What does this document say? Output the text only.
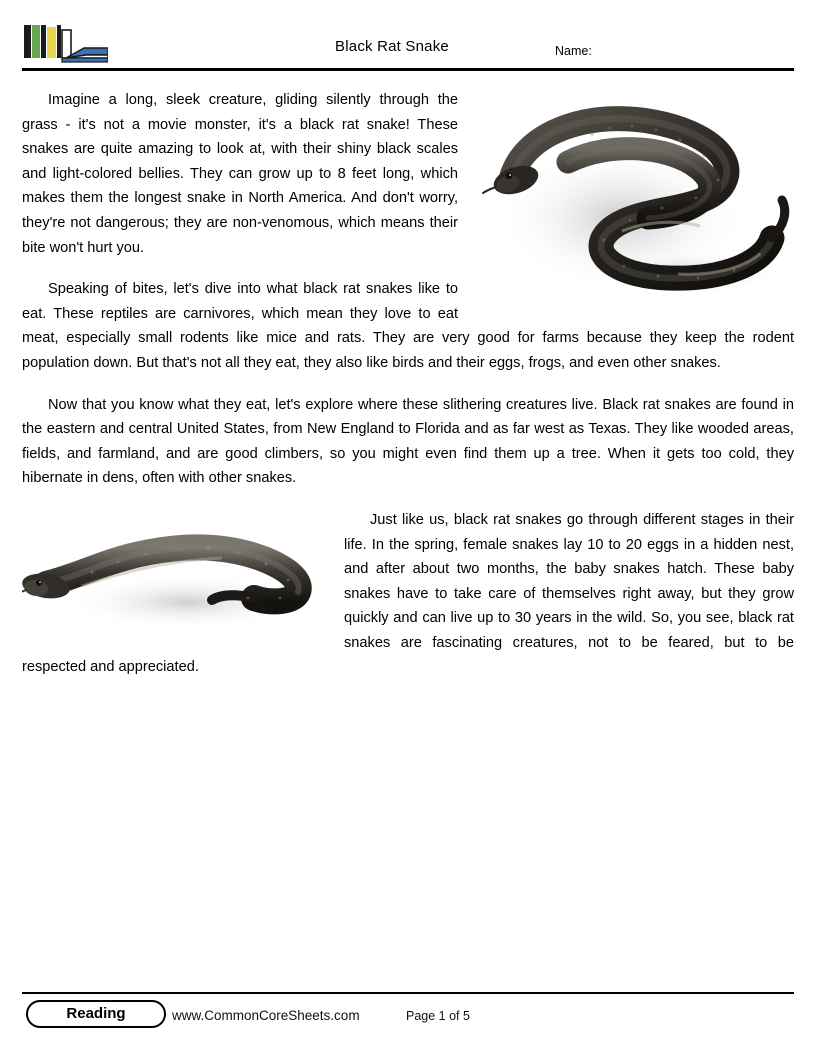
Black Rat Snake	Name:

Imagine a long, sleek creature, gliding silently through the grass - it's not a movie monster, it's a black rat snake! These snakes are quite amazing to look at, with their shiny black scales and light-colored bellies. They can grow up to 8 feet long, which makes them the longest snake in North America. And don't worry, they're not dangerous; they are non-venomous, which means their bite won't hurt you.

Speaking of bites, let's dive into what black rat snakes like to eat. These reptiles are carnivores, which mean they love to eat meat, especially small rodents like mice and rats. They are very good for farms because they keep the rodent population down. But that's not all they eat, they also like birds and their eggs, frogs, and even other snakes.

Now that you know what they eat, let's explore where these slithering creatures live. Black rat snakes are found in the eastern and central United States, from New England to Florida and as far west as Texas. They like wooded areas, fields, and farmland, and are good climbers, so you might even find them up a tree. When it gets too cold, they hibernate in dens, often with other snakes.

Just like us, black rat snakes go through different stages in their life. In the spring, female snakes lay 10 to 20 eggs in a hidden nest, and after about two months, the baby snakes hatch. These baby snakes have to take care of themselves right away, but they grow quickly and can live up to 30 years in the wild. So, you see, black rat snakes are fascinating creatures, not to be feared, but to be respected and appreciated.

Reading	www.CommonCoreSheets.com	Page 1 of 5
